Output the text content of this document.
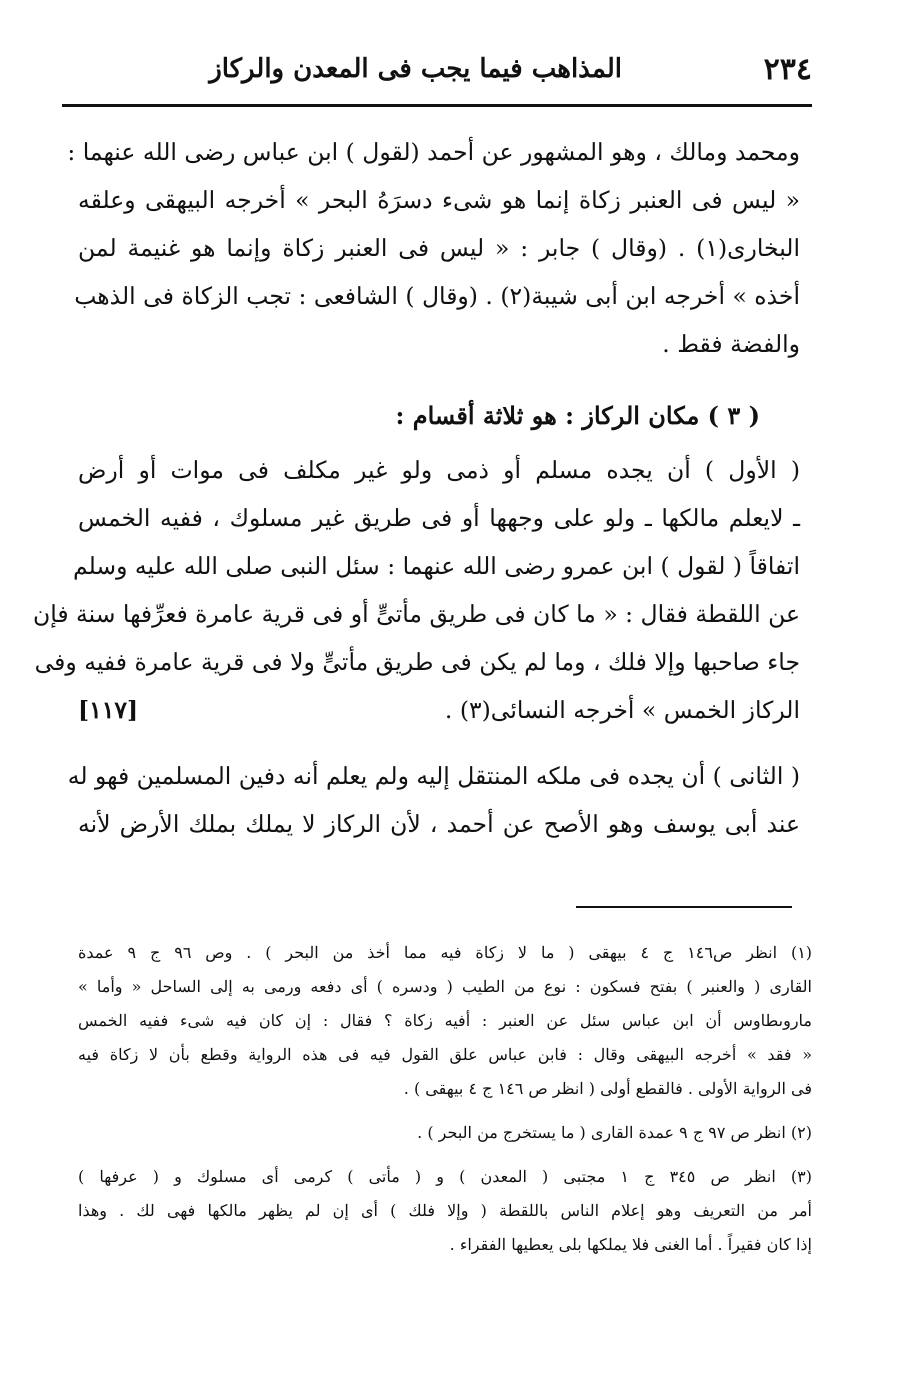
٢٣٤
المذاهب فيما يجب فى المعدن والركاز
ومحمد ومالك ، وهو المشهور عن أحمد (لقول ) ابن عباس رضى الله عنهما :
« ليس فى العنبر زكاة إنما هو شىء دسرَهُ البحر » أخرجه البيهقى وعلقه
البخارى(١) . (وقال ) جابر : « ليس فى العنبر زكاة وإنما هو غنيمة لمن
أخذه » أخرجه ابن أبى شيبة(٢) . (وقال ) الشافعى : تجب الزكاة فى الذهب
والفضة فقط .
( ٣ ) مكان الركاز : هو ثلاثة أقسام :
( الأول ) أن يجده مسلم أو ذمى ولو غير مكلف فى موات أو أرض
ـ لايعلم مالكها ـ ولو على وجهها أو فى طريق غير مسلوك ، ففيه الخمس
اتفاقاً ( لقول ) ابن عمرو رضى الله عنهما : سئل النبى صلى الله عليه وسلم
عن اللقطة فقال : « ما كان فى طريق مأتىٍّ أو فى قرية عامرة فعرِّفها سنة فإن
جاء صاحبها وإلا فلك ، وما لم يكن فى طريق مأتىٍّ ولا فى قرية عامرة ففيه وفى
الركاز الخمس » أخرجه النسائى(٣) .
[١١٧]
( الثانى ) أن يجده فى ملكه المنتقل إليه ولم يعلم أنه دفين المسلمين فهو له
عند أبى يوسف وهو الأصح عن أحمد ، لأن الركاز لا يملك بملك الأرض لأنه
(١) انظر ص١٤٦ ج ٤ بيهقى ( ما لا زكاة فيه مما أخذ من البحر ) . وص ٩٦ ج ٩ عمدة
القارى ( والعنبر ) بفتح فسكون : نوع من الطيب ( ودسره ) أى دفعه ورمى به إلى الساحل « وأما »
ماروىطاوس أن ابن عباس سئل عن العنبر : أفيه زكاة ؟ فقال : إن كان فيه شىء ففيه الخمس
« فقد » أخرجه البيهقى وقال : فابن عباس علق القول فيه فى هذه الرواية وقطع بأن لا زكاة فيه
فى الرواية الأولى . فالقطع أولى ( انظر ص ١٤٦ ج ٤ بيهقى ) .
(٢) انظر ص ٩٧ ج ٩ عمدة القارى ( ما يستخرج من البحر ) .
(٣) انظر ص ٣٤٥ ج ١ مجتبى ( المعدن ) و ( مأتى ) كرمى أى مسلوك و ( عرفها )
أمر من التعريف وهو إعلام الناس باللقطة ( وإلا فلك ) أى إن لم يظهر مالكها فهى لك . وهذا
إذا كان فقيراً . أما الغنى فلا يملكها بلى يعطيها الفقراء .
